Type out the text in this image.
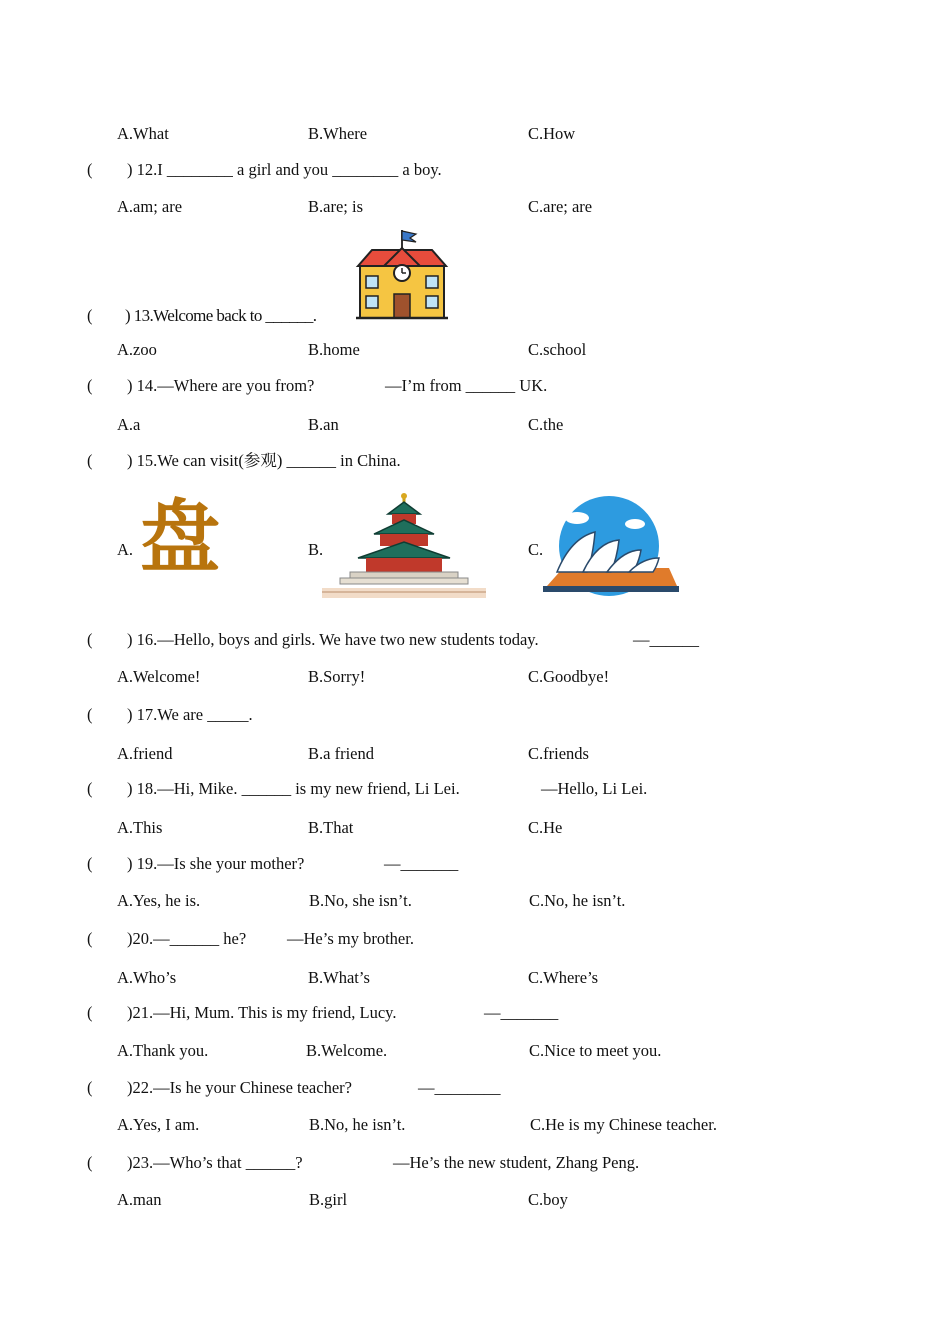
A.What	B.Where	C.How
( ) 12.I ________ a girl and you ________ a boy.
A.am; are	B.are; is	C.are; are
( ) 13.Welcome back to ______.
A.zoo	B.home	C.school
( ) 14.—Where are you from?	—I’m from ______ UK.
A.a	B.an	C.the
( ) 15.We can visit(参观) ______ in China.
A. 盘	B.	C.
( ) 16.—Hello, boys and girls. We have two new students today.	—______
A.Welcome!	B.Sorry!	C.Goodbye!
( ) 17.We are _____.
A.friend	B.a friend	C.friends
( ) 18.—Hi, Mike. ______ is my new friend, Li Lei.	—Hello, Li Lei.
A.This	B.That	C.He
( ) 19.—Is she your mother?	—_______
A.Yes, he is.	B.No, she isn’t.	C.No, he isn’t.
( )20.—______ he? —He’s my brother.
A.Who’s	B.What’s	C.Where’s
( )21.—Hi, Mum. This is my friend, Lucy.	—_______
A.Thank you.	B.Welcome.	C.Nice to meet you.
( )22.—Is he your Chinese teacher?	—________
A.Yes, I am.	B.No, he isn’t.	C.He is my Chinese teacher.
( )23.—Who’s that ______?	—He’s the new student, Zhang Peng.
A.man	B.girl	C.boy
